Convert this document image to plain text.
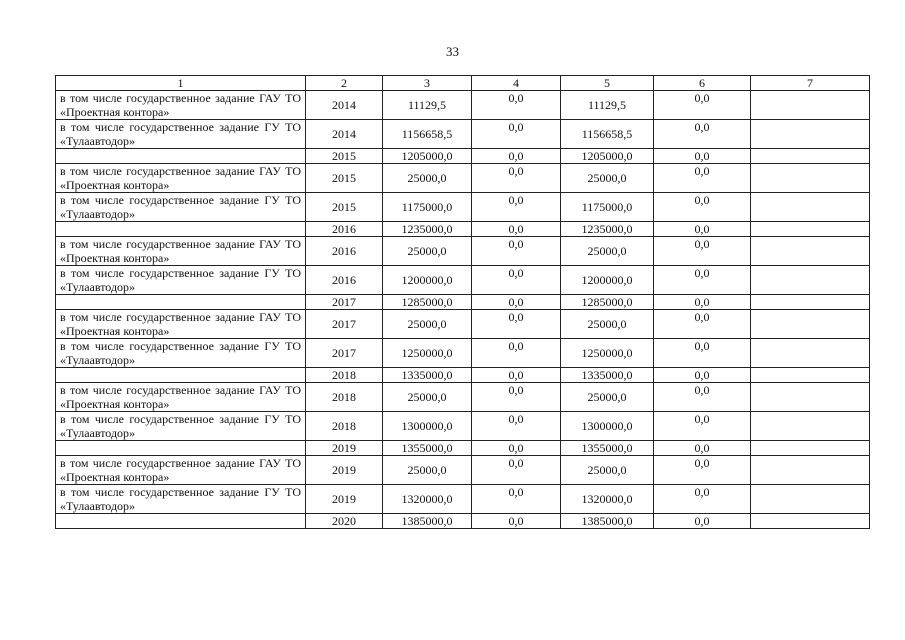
33
1	2	3	4	5	6	7
в том числе государственное задание ГАУ ТО «Проектная контора»	2014	11129,5	0,0	11129,5	0,0	
в том числе государственное задание ГУ ТО «Тулаавтодор»	2014	1156658,5	0,0	1156658,5	0,0	
	2015	1205000,0	0,0	1205000,0	0,0	
в том числе государственное задание ГАУ ТО «Проектная контора»	2015	25000,0	0,0	25000,0	0,0	
в том числе государственное задание ГУ ТО «Тулаавтодор»	2015	1175000,0	0,0	1175000,0	0,0	
	2016	1235000,0	0,0	1235000,0	0,0	
в том числе государственное задание ГАУ ТО «Проектная контора»	2016	25000,0	0,0	25000,0	0,0	
в том числе государственное задание ГУ ТО «Тулаавтодор»	2016	1200000,0	0,0	1200000,0	0,0	
	2017	1285000,0	0,0	1285000,0	0,0	
в том числе государственное задание ГАУ ТО «Проектная контора»	2017	25000,0	0,0	25000,0	0,0	
в том числе государственное задание ГУ ТО «Тулаавтодор»	2017	1250000,0	0,0	1250000,0	0,0	
	2018	1335000,0	0,0	1335000,0	0,0	
в том числе государственное задание ГАУ ТО «Проектная контора»	2018	25000,0	0,0	25000,0	0,0	
в том числе государственное задание ГУ ТО «Тулаавтодор»	2018	1300000,0	0,0	1300000,0	0,0	
	2019	1355000,0	0,0	1355000,0	0,0	
в том числе государственное задание ГАУ ТО «Проектная контора»	2019	25000,0	0,0	25000,0	0,0	
в том числе государственное задание ГУ ТО «Тулаавтодор»	2019	1320000,0	0,0	1320000,0	0,0	
	2020	1385000,0	0,0	1385000,0	0,0	
